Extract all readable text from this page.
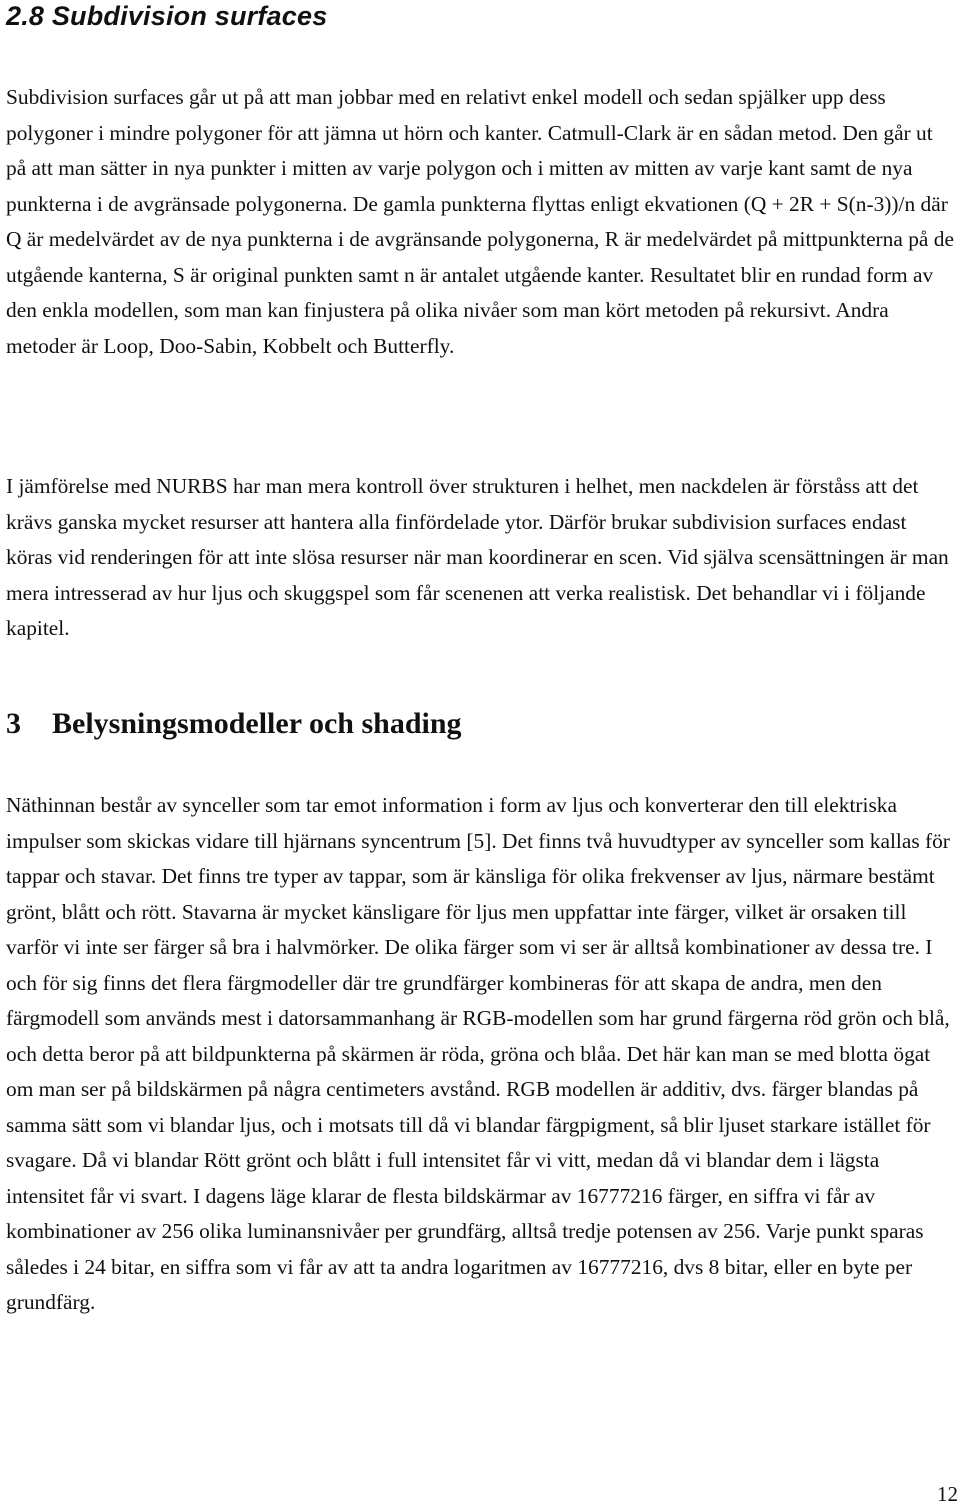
2.8 Subdivision surfaces

Subdivision surfaces går ut på att man jobbar med en relativt enkel modell och sedan spjälker upp dess polygoner i mindre polygoner för att jämna ut hörn och kanter. Catmull-Clark är en sådan metod. Den går ut på att man sätter in nya punkter i mitten av varje polygon och i mitten av mitten av varje kant samt de nya punkterna i de avgränsade polygonerna. De gamla punkterna flyttas enligt ekvationen (Q + 2R + S(n-3))/n där Q är medelvärdet av de nya punkterna i de avgränsande polygonerna, R är medelvärdet på mittpunkterna på de utgående kanterna, S är original punkten samt n är antalet utgående kanter. Resultatet blir en rundad form av den enkla modellen, som man kan finjustera på olika nivåer som man kört metoden på rekursivt. Andra metoder är Loop, Doo-Sabin, Kobbelt och Butterfly.

I jämförelse med NURBS har man mera kontroll över strukturen i helhet, men nackdelen är förståss att det krävs ganska mycket resurser att hantera alla finfördelade ytor. Därför brukar subdivision surfaces endast köras vid renderingen för att inte slösa resurser när man koordinerar en scen. Vid själva scensättningen är man mera intresserad av hur ljus och skuggspel som får scenenen att verka realistisk. Det behandlar vi i följande kapitel.

3 Belysningsmodeller och shading

Näthinnan består av synceller som tar emot information i form av ljus och konverterar den till elektriska impulser som skickas vidare till hjärnans syncentrum [5]. Det finns två huvudtyper av synceller som kallas för tappar och stavar. Det finns tre typer av tappar, som är känsliga för olika frekvenser av ljus, närmare bestämt grönt, blått och rött. Stavarna är mycket känsligare för ljus men uppfattar inte färger, vilket är orsaken till varför vi inte ser färger så bra i halvmörker. De olika färger som vi ser är alltså kombinationer av dessa tre. I och för sig finns det flera färgmodeller där tre grundfärger kombineras för att skapa de andra, men den färgmodell som används mest i datorsammanhang är RGB-modellen som har grund färgerna röd grön och blå, och detta beror på att bildpunkterna på skärmen är röda, gröna och blåa. Det här kan man se med blotta ögat om man ser på bildskärmen på några centimeters avstånd. RGB modellen är additiv, dvs. färger blandas på samma sätt som vi blandar ljus, och i motsats till då vi blandar färgpigment, så blir ljuset starkare istället för svagare. Då vi blandar Rött grönt och blått i full intensitet får vi vitt, medan då vi blandar dem i lägsta intensitet får vi svart. I dagens läge klarar de flesta bildskärmar av 16777216 färger, en siffra vi får av kombinationer av 256 olika luminansnivåer per grundfärg, alltså tredje potensen av 256. Varje punkt sparas således i 24 bitar, en siffra som vi får av att ta andra logaritmen av 16777216, dvs 8 bitar, eller en byte per grundfärg.

12
